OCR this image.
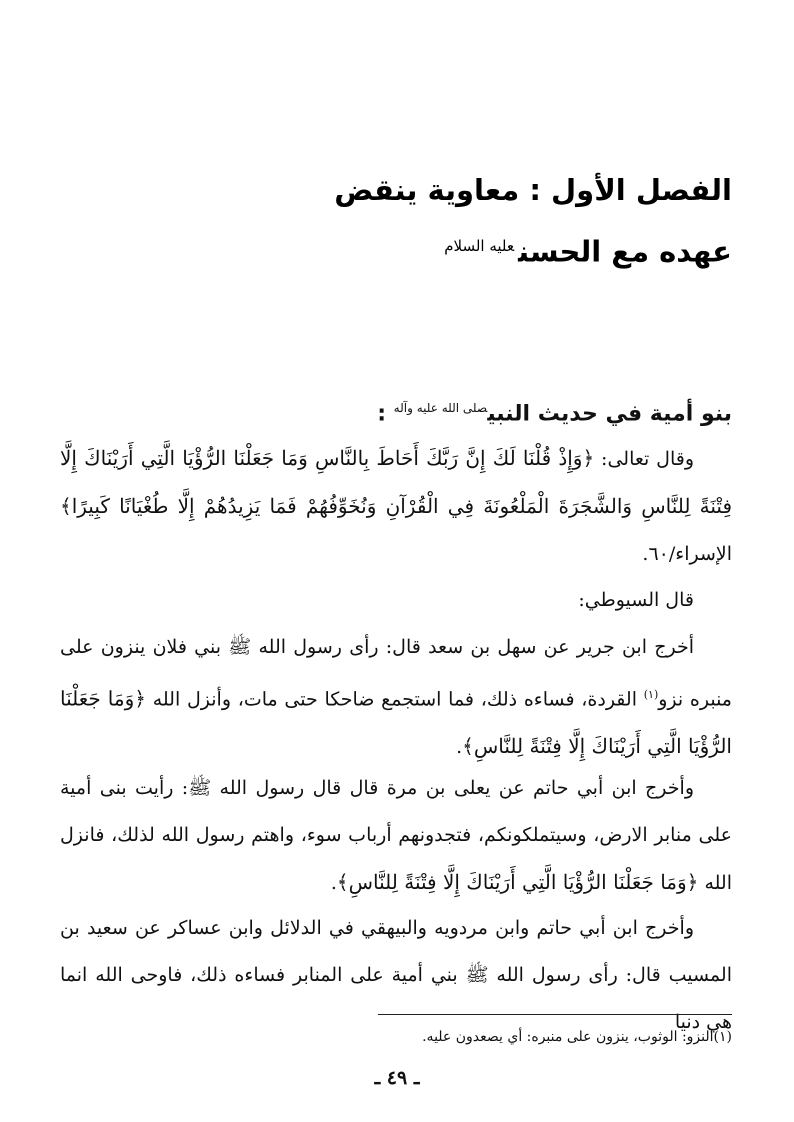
الفصل الأول : معاوية ينقض
عهده مع الحسن$^{عليه السلام}$
بنو أمية في حديث النبي$^{صلى الله عليه وآله}$ :

وقال تعالى: ﴿وَإِذْ قُلْنَا لَكَ إِنَّ رَبَّكَ أَحَاطَ بِالنَّاسِ وَمَا جَعَلْنَا الرُّؤْيَا الَّتِي أَرَيْنَاكَ إِلَّا فِتْنَةً لِلنَّاسِ وَالشَّجَرَةَ الْمَلْعُونَةَ فِي الْقُرْآنِ وَنُخَوِّفُهُمْ فَمَا يَزِيدُهُمْ إِلَّا طُغْيَانًا كَبِيرًا﴾ الإسراء/٦٠.

قال السيوطي:

أخرج ابن جرير عن سهل بن سعد قال: رأى رسول الله ﷺ بني فلان ينزون على منبره نزو$^{(١)}$ القردة، فساءه ذلك، فما استجمع ضاحكا حتى مات، وأنزل الله ﴿وَمَا جَعَلْنَا الرُّؤْيَا الَّتِي أَرَيْنَاكَ إِلَّا فِتْنَةً لِلنَّاسِ﴾.

وأخرج ابن أبي حاتم عن يعلى بن مرة قال قال رسول الله ﷺ: رأيت بنى أمية على منابر الارض، وسيتملكونكم، فتجدونهم أرباب سوء، واهتم رسول الله لذلك، فانزل الله ﴿وَمَا جَعَلْنَا الرُّؤْيَا الَّتِي أَرَيْنَاكَ إِلَّا فِتْنَةً لِلنَّاسِ﴾.

وأخرج ابن أبي حاتم وابن مردويه والبيهقي في الدلائل وابن عساكر عن سعيد بن المسيب قال: رأى رسول الله ﷺ بني أمية على المنابر فساءه ذلك، فاوحى الله انما هي دنيا

(١)النزو: الوثوب، ينزون على منبره: أي يصعدون عليه.
ـ ٤٩ ـ
